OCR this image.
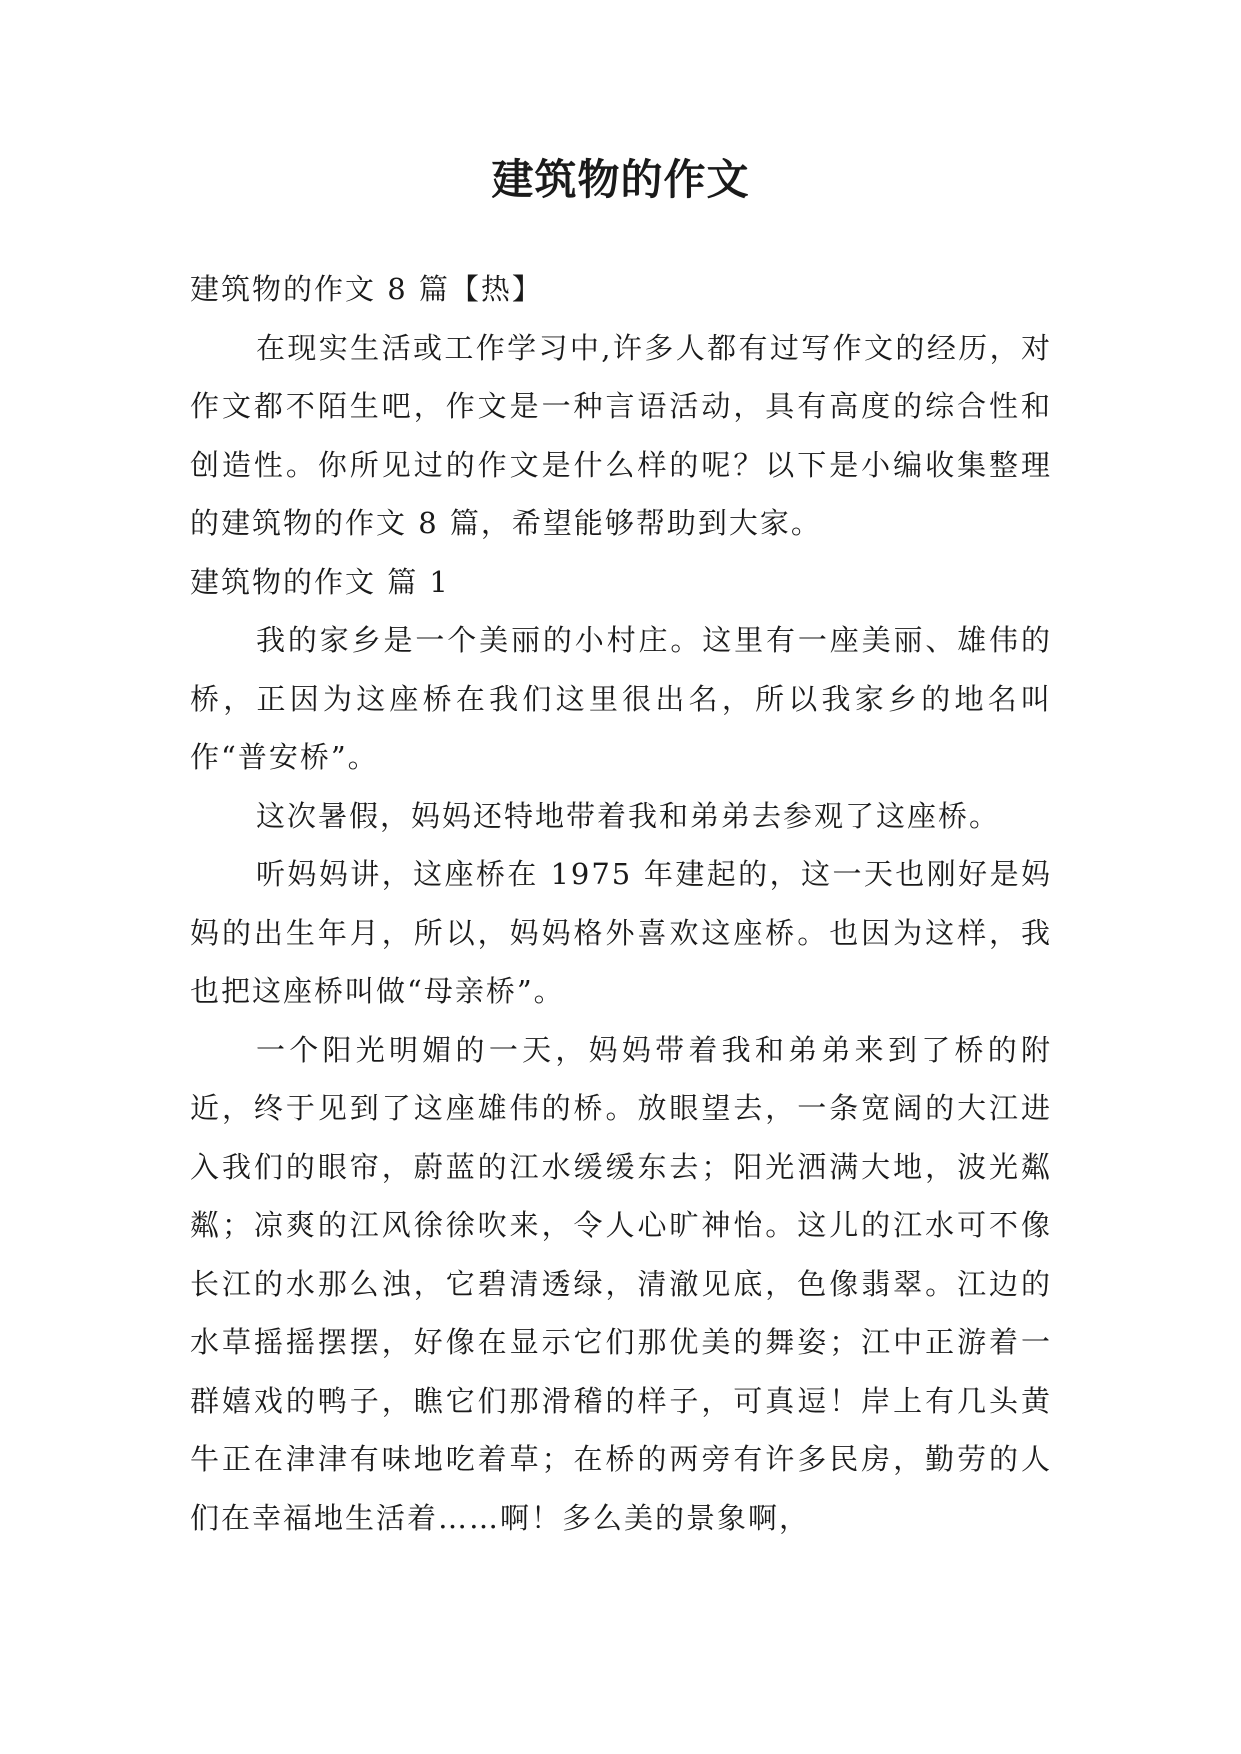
建筑物的作文

建筑物的作文 8 篇【热】

在现实生活或工作学习中,许多人都有过写作文的经历，对作文都不陌生吧，作文是一种言语活动，具有高度的综合性和创造性。你所见过的作文是什么样的呢？以下是小编收集整理的建筑物的作文 8 篇，希望能够帮助到大家。

建筑物的作文 篇 1

我的家乡是一个美丽的小村庄。这里有一座美丽、雄伟的桥，正因为这座桥在我们这里很出名，所以我家乡的地名叫作“普安桥”。

这次暑假，妈妈还特地带着我和弟弟去参观了这座桥。

听妈妈讲，这座桥在 1975 年建起的，这一天也刚好是妈妈的出生年月，所以，妈妈格外喜欢这座桥。也因为这样，我也把这座桥叫做“母亲桥”。

一个阳光明媚的一天，妈妈带着我和弟弟来到了桥的附近，终于见到了这座雄伟的桥。放眼望去，一条宽阔的大江进入我们的眼帘，蔚蓝的江水缓缓东去；阳光洒满大地，波光粼粼；凉爽的江风徐徐吹来，令人心旷神怡。这儿的江水可不像长江的水那么浊，它碧清透绿，清澈见底，色像翡翠。江边的水草摇摇摆摆，好像在显示它们那优美的舞姿；江中正游着一群嬉戏的鸭子，瞧它们那滑稽的样子，可真逗！岸上有几头黄牛正在津津有味地吃着草；在桥的两旁有许多民房，勤劳的人们在幸福地生活着……啊！多么美的景象啊，
